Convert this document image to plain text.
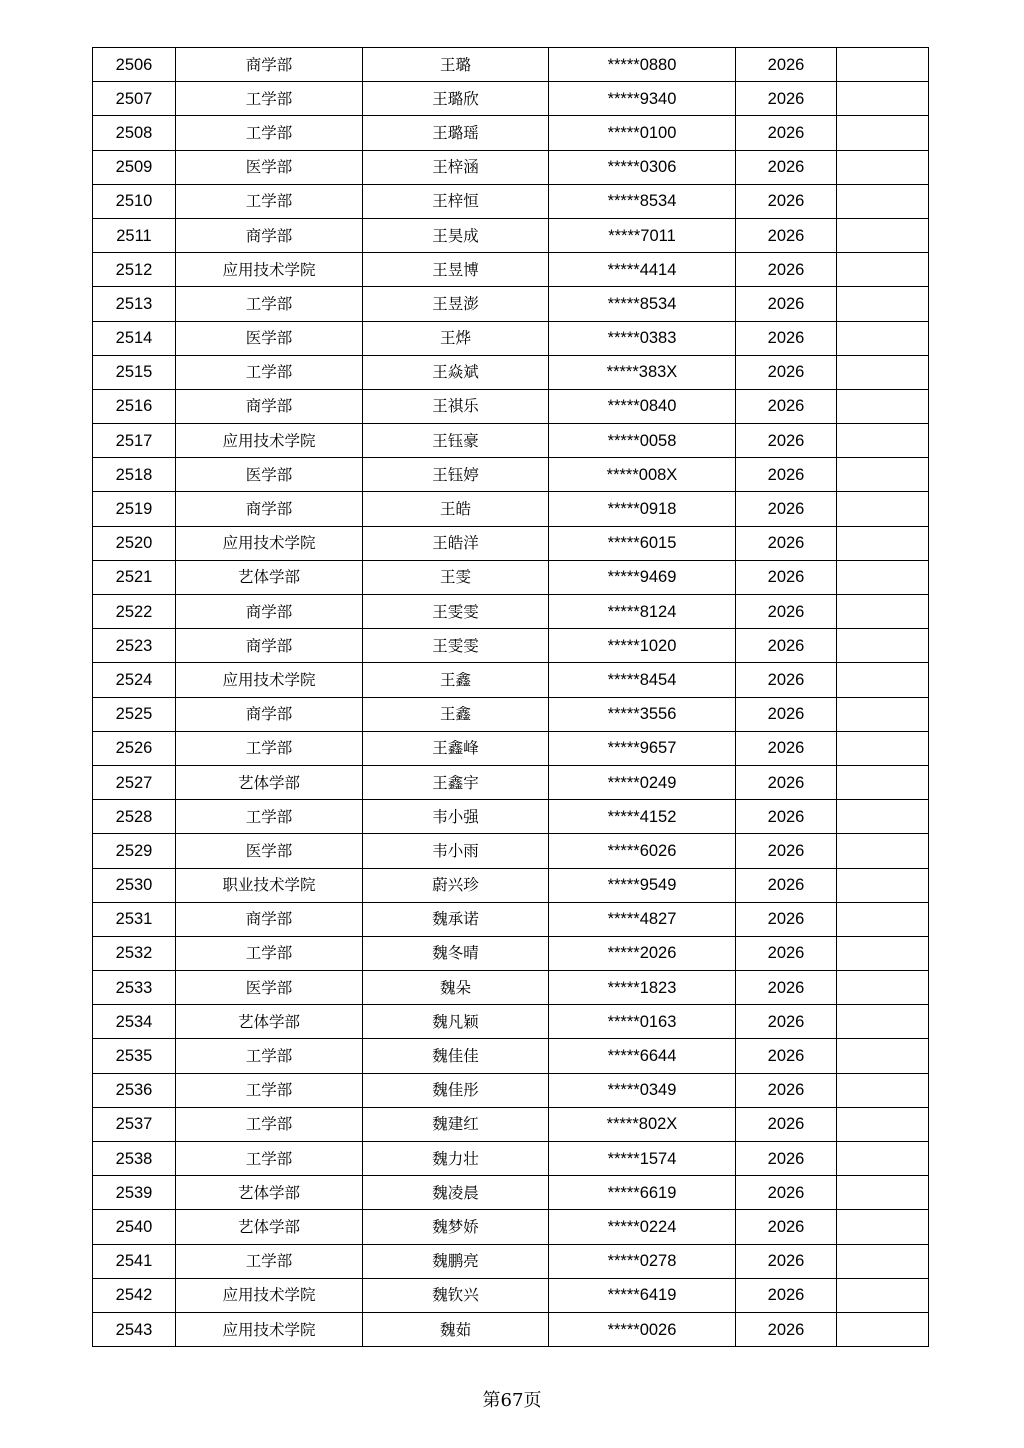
2506	商学部	王璐	*****0880	2026	
2507	工学部	王璐欣	*****9340	2026	
2508	工学部	王璐瑶	*****0100	2026	
2509	医学部	王梓涵	*****0306	2026	
2510	工学部	王梓恒	*****8534	2026	
2511	商学部	王昊成	*****7011	2026	
2512	应用技术学院	王昱博	*****4414	2026	
2513	工学部	王昱澎	*****8534	2026	
2514	医学部	王烨	*****0383	2026	
2515	工学部	王焱斌	*****383X	2026	
2516	商学部	王祺乐	*****0840	2026	
2517	应用技术学院	王钰豪	*****0058	2026	
2518	医学部	王钰婷	*****008X	2026	
2519	商学部	王皓	*****0918	2026	
2520	应用技术学院	王皓洋	*****6015	2026	
2521	艺体学部	王雯	*****9469	2026	
2522	商学部	王雯雯	*****8124	2026	
2523	商学部	王雯雯	*****1020	2026	
2524	应用技术学院	王鑫	*****8454	2026	
2525	商学部	王鑫	*****3556	2026	
2526	工学部	王鑫峰	*****9657	2026	
2527	艺体学部	王鑫宇	*****0249	2026	
2528	工学部	韦小强	*****4152	2026	
2529	医学部	韦小雨	*****6026	2026	
2530	职业技术学院	蔚兴珍	*****9549	2026	
2531	商学部	魏承诺	*****4827	2026	
2532	工学部	魏冬晴	*****2026	2026	
2533	医学部	魏朵	*****1823	2026	
2534	艺体学部	魏凡颖	*****0163	2026	
2535	工学部	魏佳佳	*****6644	2026	
2536	工学部	魏佳彤	*****0349	2026	
2537	工学部	魏建红	*****802X	2026	
2538	工学部	魏力壮	*****1574	2026	
2539	艺体学部	魏凌晨	*****6619	2026	
2540	艺体学部	魏梦娇	*****0224	2026	
2541	工学部	魏鹏亮	*****0278	2026	
2542	应用技术学院	魏钦兴	*****6419	2026	
2543	应用技术学院	魏茹	*****0026	2026	
第67页
